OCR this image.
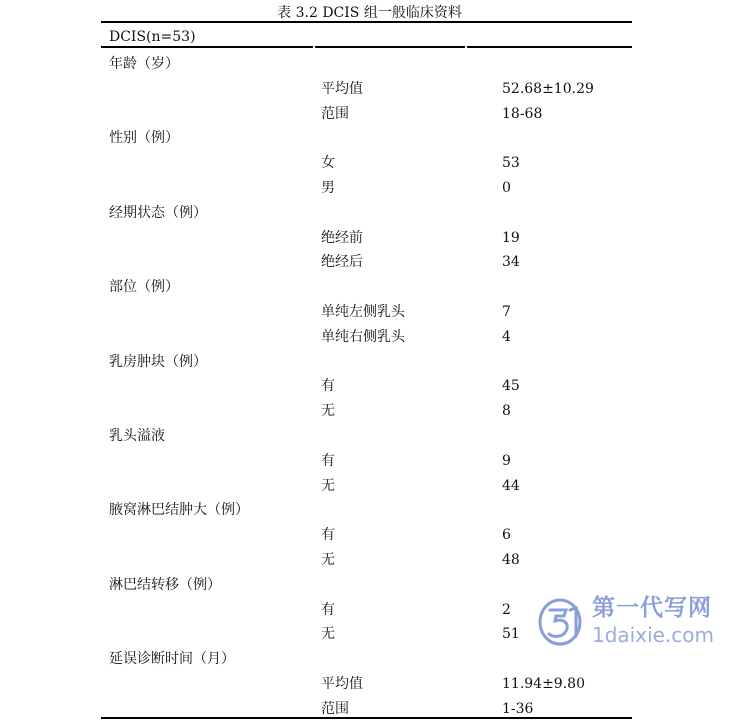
表 3.2 DCIS 组一般临床资料
DCIS(n=53)
年龄（岁）
平均值	52.68±10.29
范围	18-68
性别（例）
女	53
男	0
经期状态（例）
绝经前	19
绝经后	34
部位（例）
单纯左侧乳头	7
单纯右侧乳头	4
乳房肿块（例）
有	45
无	8
乳头溢液
有	9
无	44
腋窝淋巴结肿大（例）
有	6
无	48
淋巴结转移（例）
有	2
无	51
延误诊断时间（月）
平均值	11.94±9.80
范围	1-36
第一代写网
1daixie.com
